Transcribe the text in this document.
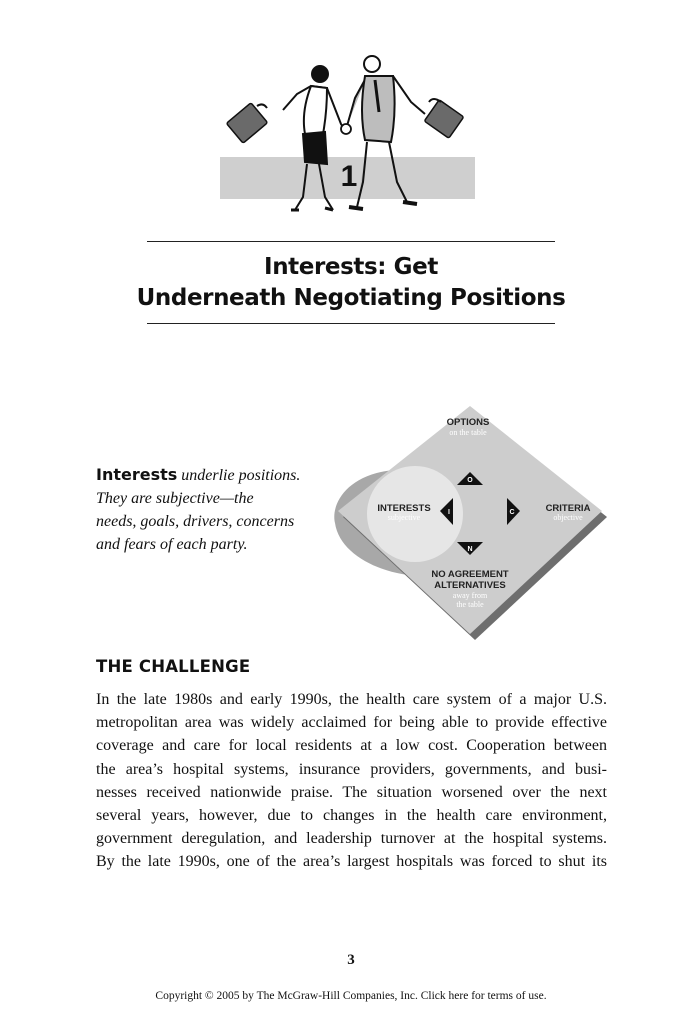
1
Interests: Get
Underneath Negotiating Positions
Interests underlie positions.
They are subjective—the
needs, goals, drivers, concerns
and fears of each party.
O
N
I	C
OPTIONS
on the table
INTERESTS
subjective
CRITERIA
objective
NO AGREEMENT
ALTERNATIVES
away from
the table
THE CHALLENGE

In the late 1980s and early 1990s, the health care system of a major U.S.

metropolitan area was widely acclaimed for being able to provide effective

coverage and care for local residents at a low cost. Cooperation between

the area’s hospital systems, insurance providers, governments, and busi-

nesses received nationwide praise. The situation worsened over the next

several years, however, due to changes in the health care environment,

government deregulation, and leadership turnover at the hospital systems.

By the late 1990s, one of the area’s largest hospitals was forced to shut its

3
Copyright © 2005 by The McGraw-Hill Companies, Inc. Click here for terms of use.
